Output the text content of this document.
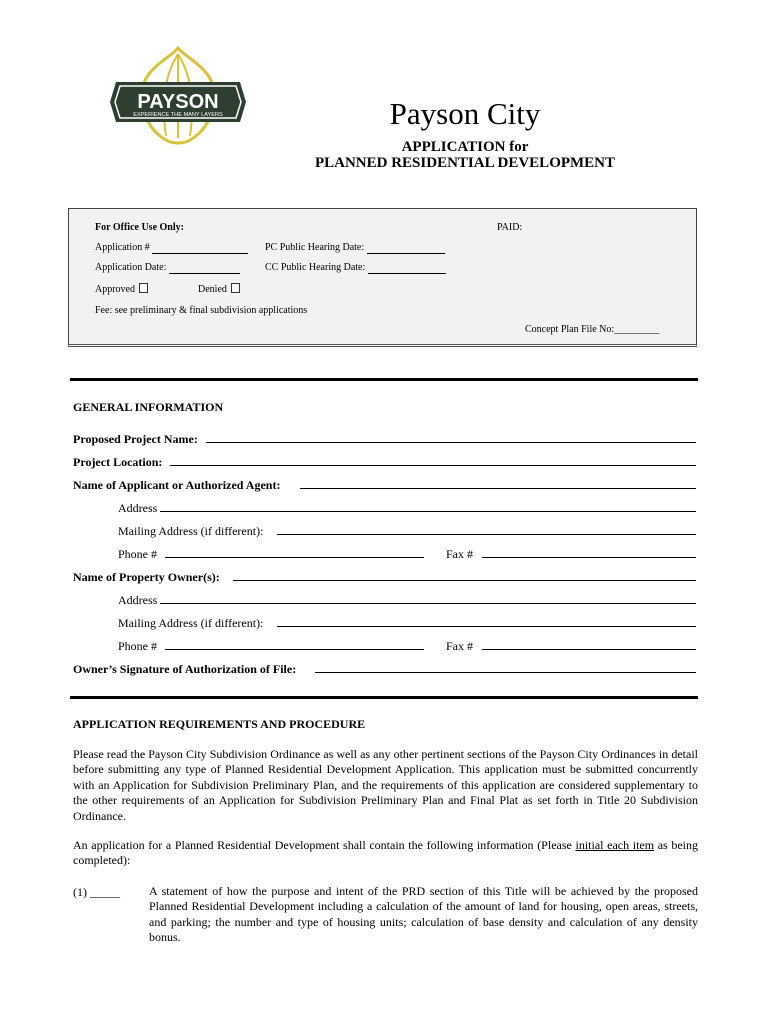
PAYSON
EXPERIENCE THE MANY LAYERS	Payson City
APPLICATION for
PLANNED RESIDENTIAL DEVELOPMENT
For Office Use Only:	PAID:
Application #	PC Public Hearing Date:
Application Date:	CC Public Hearing Date:
Approved	Denied
Fee: see preliminary & final subdivision applications
Concept Plan File No:_________
GENERAL INFORMATION
Proposed Project Name:
Project Location:
Name of Applicant or Authorized Agent:
Address
Mailing Address (if different):
Phone #	Fax #
Name of Property Owner(s):
Address
Mailing Address (if different):
Phone #	Fax #
Owner’s Signature of Authorization of File:
APPLICATION REQUIREMENTS AND PROCEDURE
Please read the Payson City Subdivision Ordinance as well as any other pertinent sections of the Payson City Ordinances in detail before submitting any type of Planned Residential Development Application. This application must be submitted concurrently with an Application for Subdivision Preliminary Plan, and the requirements of this application are considered supplementary to the other requirements of an Application for Subdivision Preliminary Plan and Final Plat as set forth in Title 20 Subdivision Ordinance.
An application for a Planned Residential Development shall contain the following information (Please initial each item as being completed):
(1) _____ A statement of how the purpose and intent of the PRD section of this Title will be achieved by the proposed Planned Residential Development including a calculation of the amount of land for housing, open areas, streets, and parking; the number and type of housing units; calculation of base density and calculation of any density bonus.
